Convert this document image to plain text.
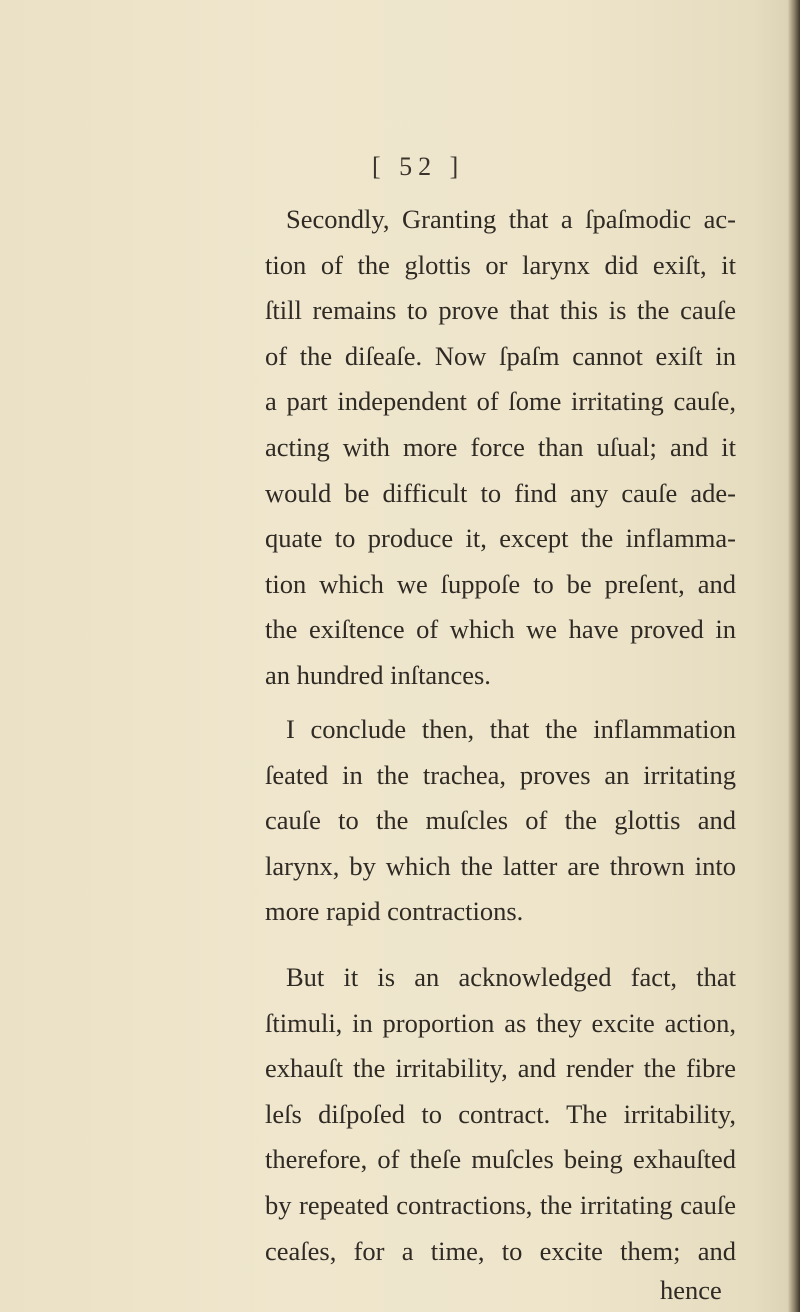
[ 52 ]
Secondly, Granting that a ſpaſmodic ac-
tion of the glottis or larynx did exiſt, it
ſtill remains to prove that this is the cauſe
of the diſeaſe. Now ſpaſm cannot exiſt in
a part independent of ſome irritating cauſe,
acting with more force than uſual; and it
would be difficult to find any cauſe ade-
quate to produce it, except the inflamma-
tion which we ſuppoſe to be preſent, and
the exiſtence of which we have proved in
an hundred inſtances.
I conclude then, that the inflammation
ſeated in the trachea, proves an irritating
cauſe to the muſcles of the glottis and
larynx, by which the latter are thrown into
more rapid contractions.
But it is an acknowledged fact, that
ſtimuli, in proportion as they excite action,
exhauſt the irritability, and render the fibre
leſs diſpoſed to contract. The irritability,
therefore, of theſe muſcles being exhauſted
by repeated contractions, the irritating cauſe
ceaſes, for a time, to excite them; and
hence
